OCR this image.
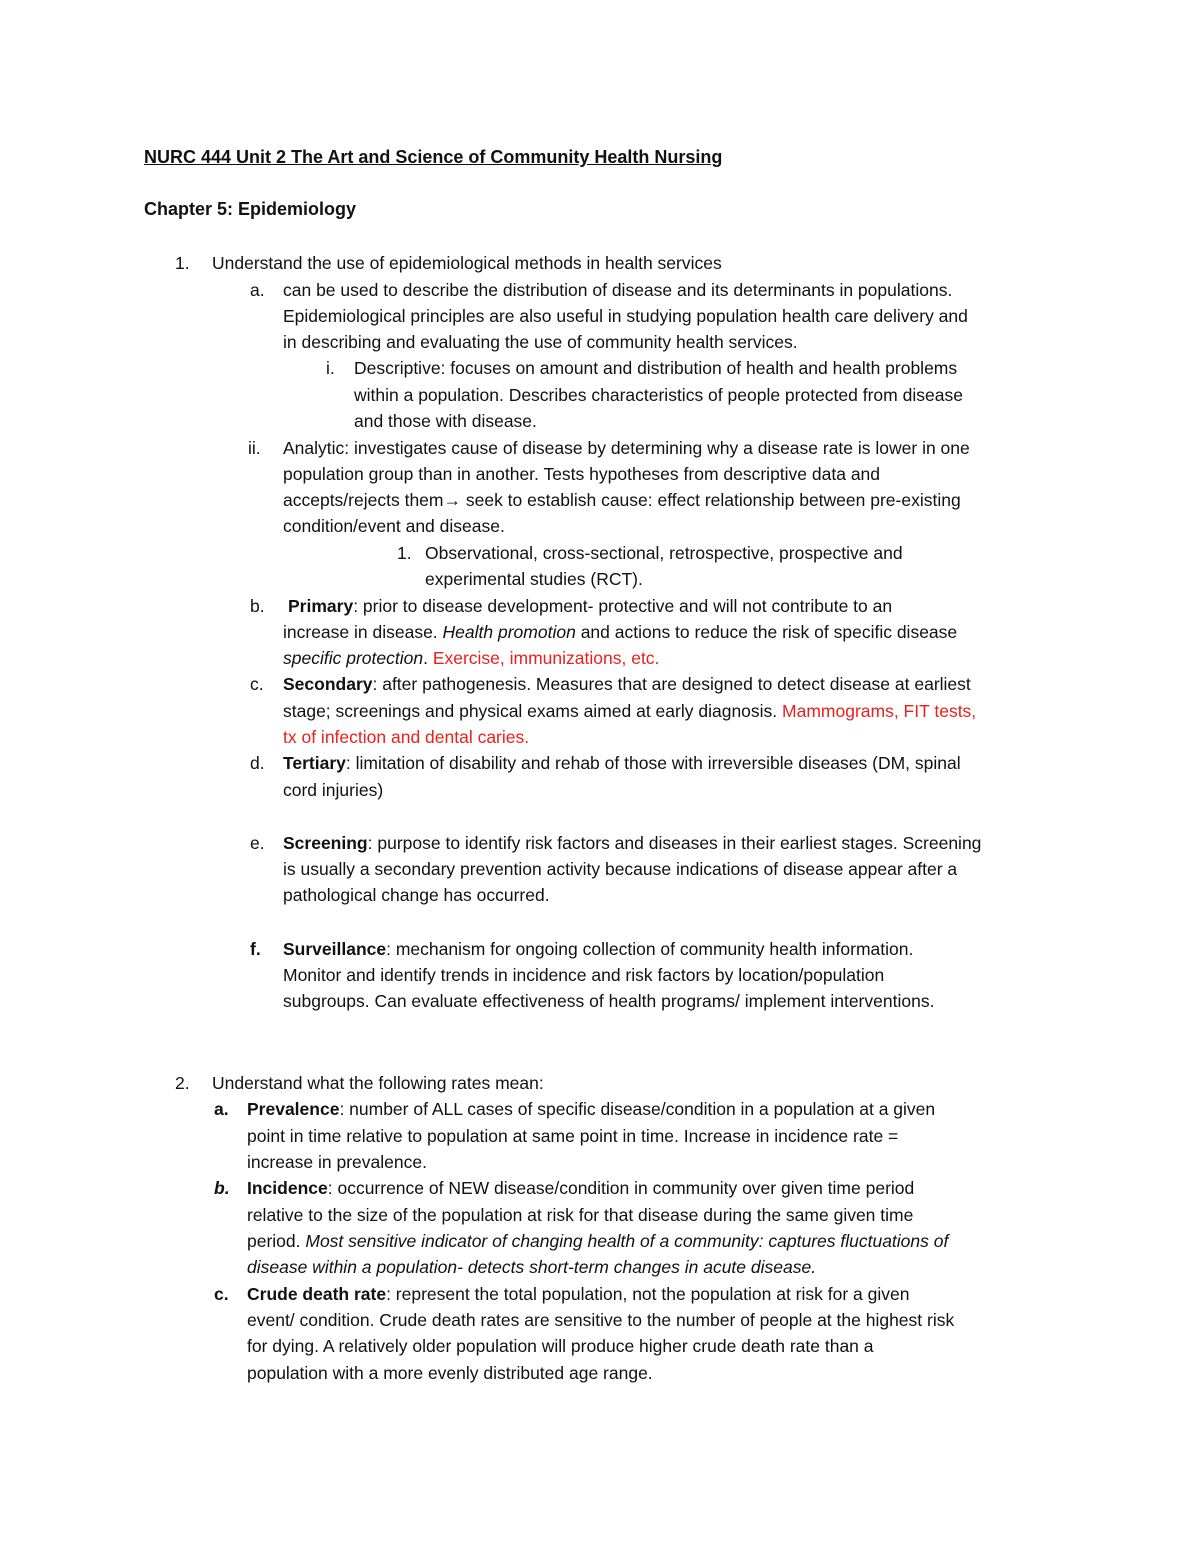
NURC 444 Unit 2 The Art and Science of Community Health Nursing
Chapter 5: Epidemiology
1. Understand the use of epidemiological methods in health services
a. can be used to describe the distribution of disease and its determinants in populations.
Epidemiological principles are also useful in studying population health care delivery and
in describing and evaluating the use of community health services.
i. Descriptive: focuses on amount and distribution of health and health problems
within a population. Describes characteristics of people protected from disease
and those with disease.
ii. Analytic: investigates cause of disease by determining why a disease rate is lower in one
population group than in another. Tests hypotheses from descriptive data and
accepts/rejects them→ seek to establish cause: effect relationship between pre-existing
condition/event and disease.
1. Observational, cross-sectional, retrospective, prospective and
experimental studies (RCT).
b. Primary: prior to disease development- protective and will not contribute to an
increase in disease. Health promotion and actions to reduce the risk of specific disease
specific protection. Exercise, immunizations, etc.
c. Secondary: after pathogenesis. Measures that are designed to detect disease at earliest
stage; screenings and physical exams aimed at early diagnosis. Mammograms, FIT tests,
tx of infection and dental caries.
d. Tertiary: limitation of disability and rehab of those with irreversible diseases (DM, spinal
cord injuries)
e. Screening: purpose to identify risk factors and diseases in their earliest stages. Screening
is usually a secondary prevention activity because indications of disease appear after a
pathological change has occurred.
f. Surveillance: mechanism for ongoing collection of community health information.
Monitor and identify trends in incidence and risk factors by location/population
subgroups. Can evaluate effectiveness of health programs/ implement interventions.
2. Understand what the following rates mean:
a. Prevalence: number of ALL cases of specific disease/condition in a population at a given
point in time relative to population at same point in time. Increase in incidence rate =
increase in prevalence.
b. Incidence: occurrence of NEW disease/condition in community over given time period
relative to the size of the population at risk for that disease during the same given time
period. Most sensitive indicator of changing health of a community: captures fluctuations of
disease within a population- detects short-term changes in acute disease.
c. Crude death rate: represent the total population, not the population at risk for a given
event/ condition. Crude death rates are sensitive to the number of people at the highest risk
for dying. A relatively older population will produce higher crude death rate than a
population with a more evenly distributed age range.
